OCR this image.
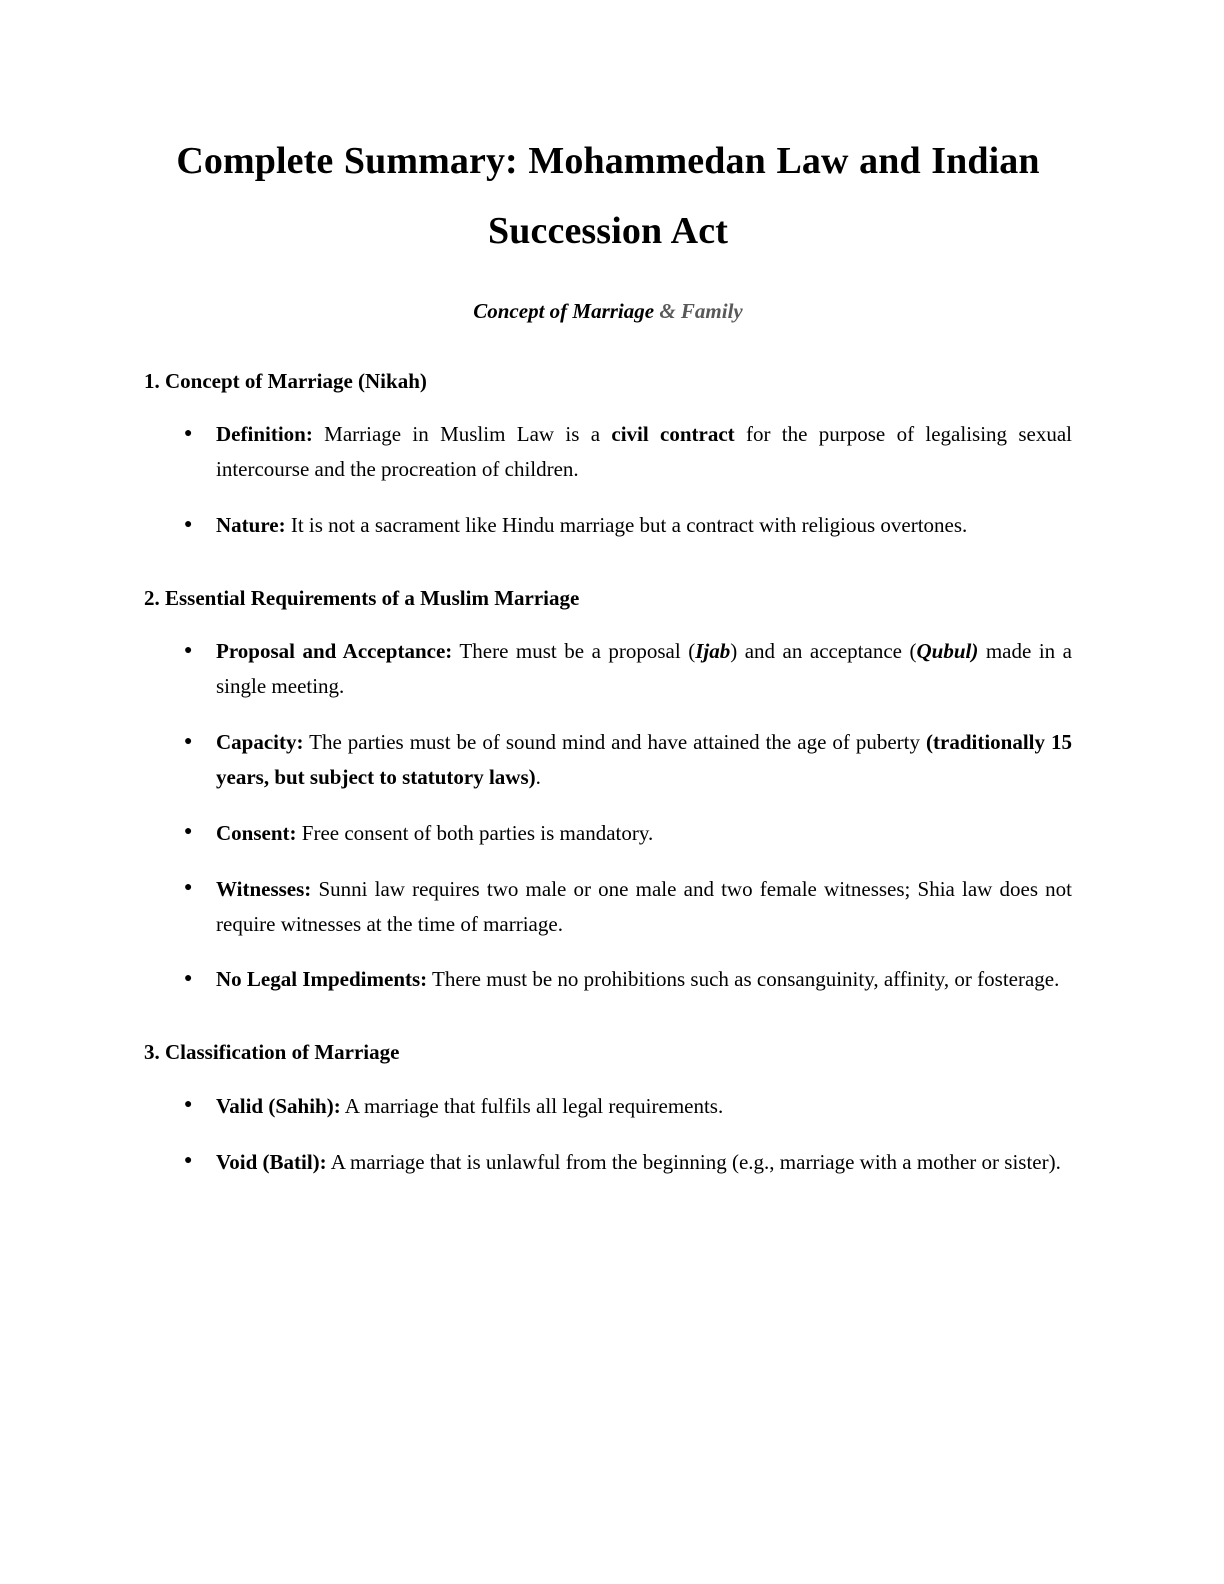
Complete Summary: Mohammedan Law and Indian
Succession Act

Concept of Marriage & Family

1. Concept of Marriage (Nikah)
● Definition: Marriage in Muslim Law is a civil contract for the purpose of legalising sexual intercourse and the procreation of children.
● Nature: It is not a sacrament like Hindu marriage but a contract with religious overtones.
2. Essential Requirements of a Muslim Marriage
● Proposal and Acceptance: There must be a proposal (Ijab) and an acceptance (Qubul) made in a single meeting.
● Capacity: The parties must be of sound mind and have attained the age of puberty (traditionally 15 years, but subject to statutory laws).
● Consent: Free consent of both parties is mandatory.
● Witnesses: Sunni law requires two male or one male and two female witnesses; Shia law does not require witnesses at the time of marriage.
● No Legal Impediments: There must be no prohibitions such as consanguinity, affinity, or fosterage.
3. Classification of Marriage
● Valid (Sahih): A marriage that fulfils all legal requirements.
● Void (Batil): A marriage that is unlawful from the beginning (e.g., marriage with a mother or sister).
